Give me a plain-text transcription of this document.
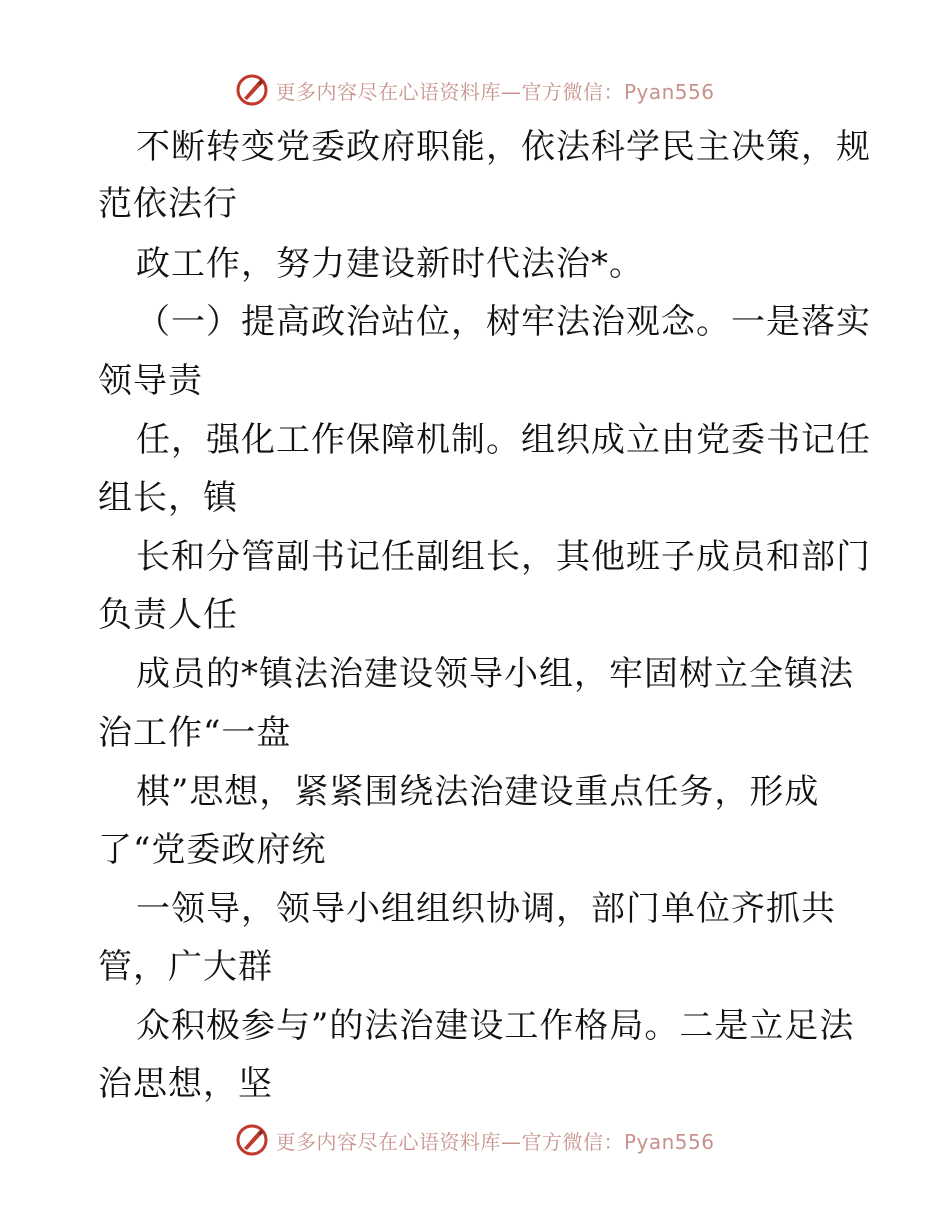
更多内容尽在心语资料库—官方微信：Pyan556
不断转变党委政府职能，依法科学民主决策，规
范依法行
政工作，努力建设新时代法治*。
（一）提高政治站位，树牢法治观念。一是落实
领导责
任，强化工作保障机制。组织成立由党委书记任
组长，镇
长和分管副书记任副组长，其他班子成员和部门
负责人任
成员的*镇法治建设领导小组，牢固树立全镇法
治工作“一盘
棋”思想，紧紧围绕法治建设重点任务，形成
了“党委政府统
一领导，领导小组组织协调，部门单位齐抓共
管，广大群
众积极参与”的法治建设工作格局。二是立足法
治思想，坚
更多内容尽在心语资料库—官方微信：Pyan556
